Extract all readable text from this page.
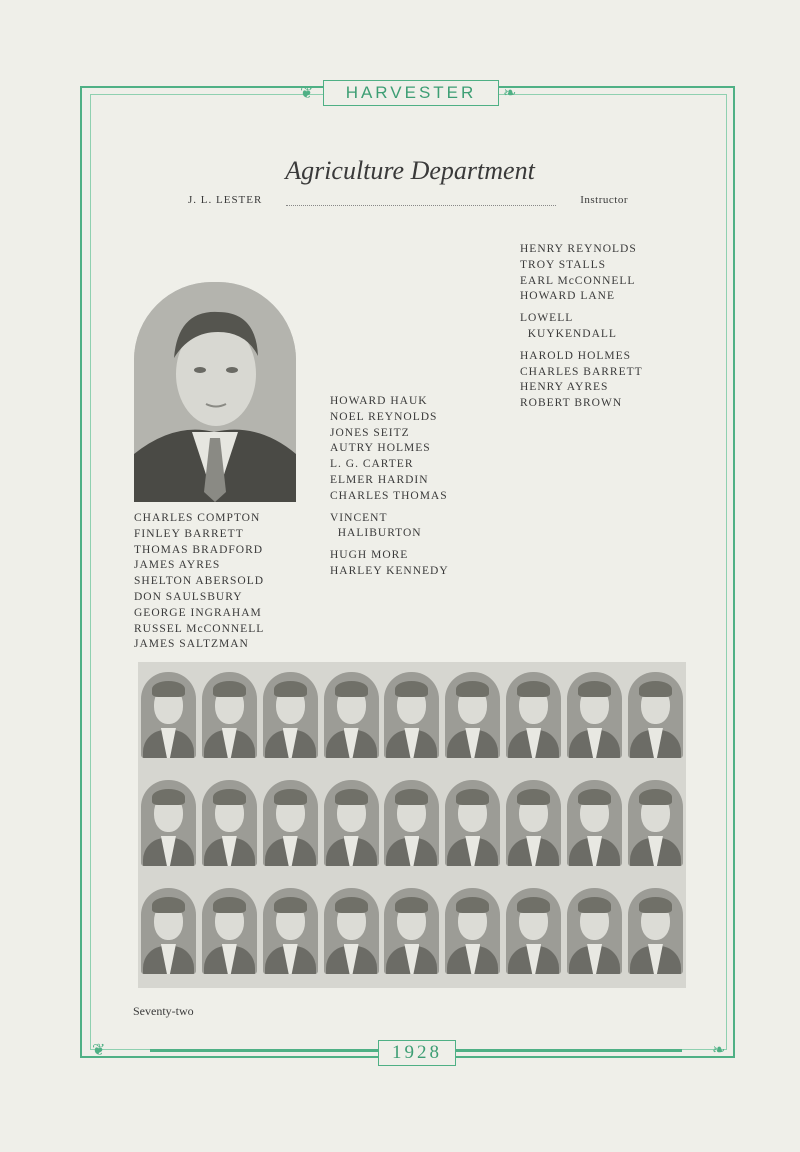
❦	❧
HARVESTER
Agriculture Department
J. L. LESTER	Instructor
CHARLES COMPTON
FINLEY BARRETT
THOMAS BRADFORD
JAMES AYRES
SHELTON ABERSOLD
DON SAULSBURY
GEORGE INGRAHAM
RUSSEL McCONNELL
JAMES SALTZMAN
HOWARD HAUK
NOEL REYNOLDS
JONES SEITZ
AUTRY HOLMES
L. G. CARTER
ELMER HARDIN
CHARLES THOMAS
VINCENT
HALIBURTON
HUGH MORE
HARLEY KENNEDY
HENRY REYNOLDS
TROY STALLS
EARL McCONNELL
HOWARD LANE
LOWELL
KUYKENDALL
HAROLD HOLMES
CHARLES BARRETT
HENRY AYRES
ROBERT BROWN
Seventy-two
❦	❧
1928
